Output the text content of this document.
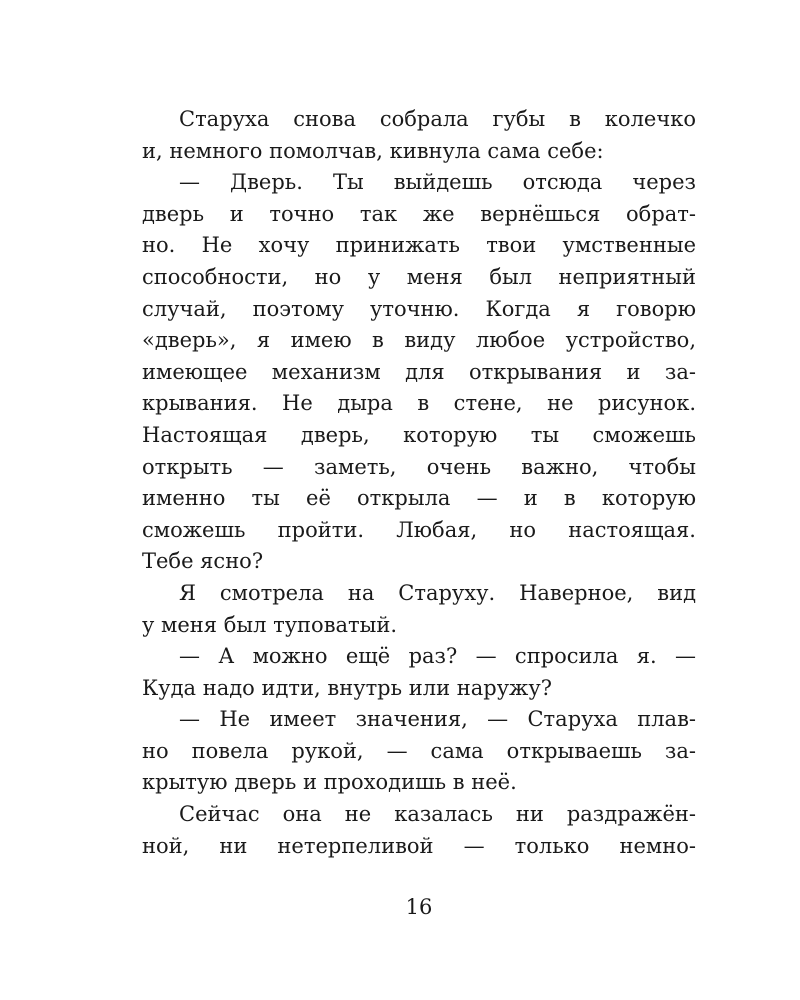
Старуха снова собрала губы в колечко
и, немного помолчав, кивнула сама себе:
— Дверь. Ты выйдешь отсюда через
дверь и точно так же вернёшься обрат-
но. Не хочу принижать твои умственные
способности, но у меня был неприятный
случай, поэтому уточню. Когда я говорю
«дверь», я имею в виду любое устройство,
имеющее механизм для открывания и за-
крывания. Не дыра в стене, не рисунок.
Настоящая дверь, которую ты сможешь
открыть — заметь, очень важно, чтобы
именно ты её открыла — и в которую
сможешь пройти. Любая, но настоящая.
Тебе ясно?
Я смотрела на Старуху. Наверное, вид
у меня был туповатый.
— А можно ещё раз? — спросила я. —
Куда надо идти, внутрь или наружу?
— Не имеет значения, — Старуха плав-
но повела рукой, — сама открываешь за-
крытую дверь и проходишь в неё.
Сейчас она не казалась ни раздражён-
ной, ни нетерпеливой — только немно-
16
